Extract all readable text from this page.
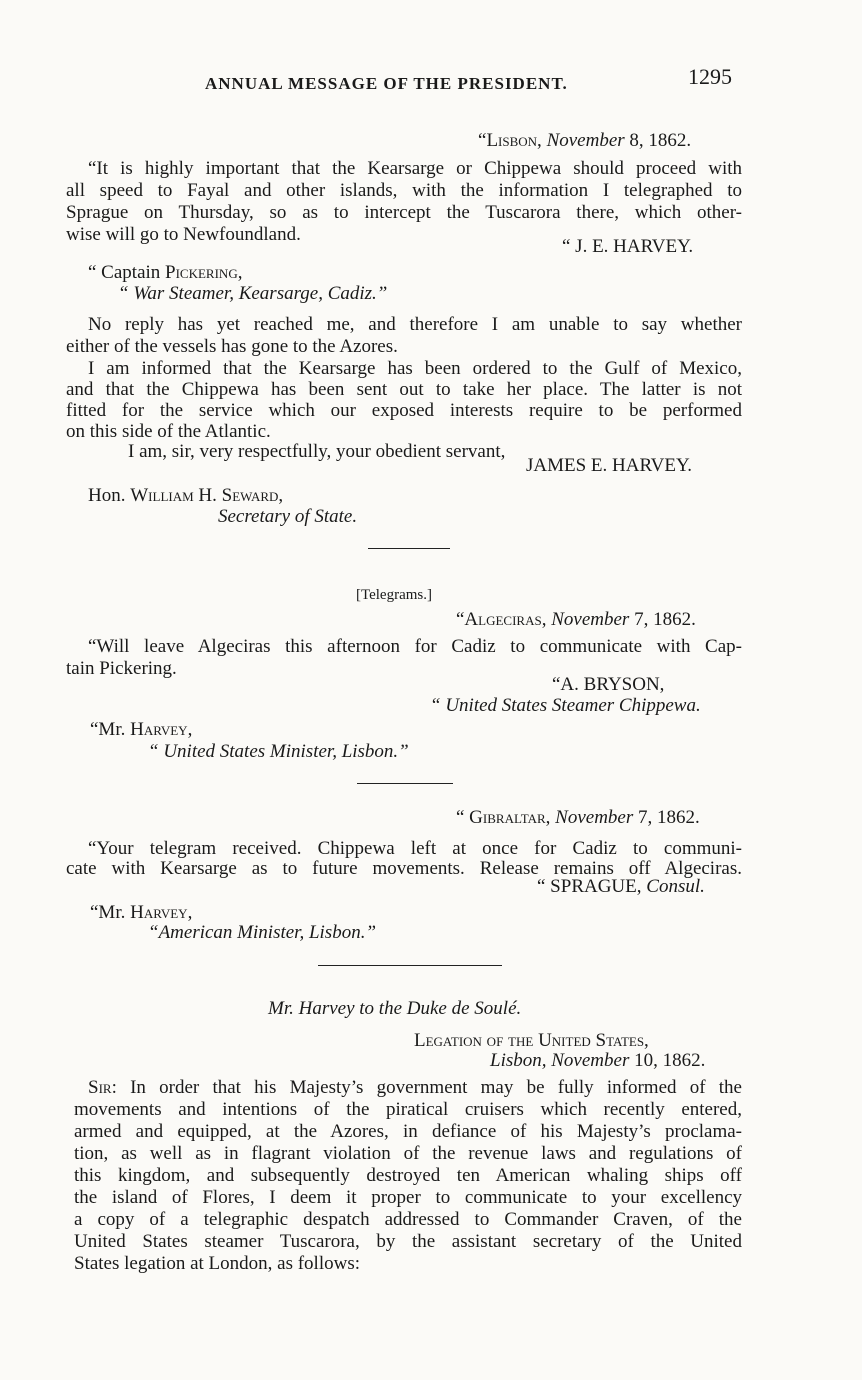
ANNUAL MESSAGE OF THE PRESIDENT.	1295
“Lisbon, November 8, 1862.
“It is highly important that the Kearsarge or Chippewa should proceed with
all speed to Fayal and other islands, with the information I telegraphed to
Sprague on Thursday, so as to intercept the Tuscarora there, which other-
wise will go to Newfoundland.
“ J. E. HARVEY.
“ Captain Pickering,
“ War Steamer, Kearsarge, Cadiz.”
No reply has yet reached me, and therefore I am unable to say whether
either of the vessels has gone to the Azores.
I am informed that the Kearsarge has been ordered to the Gulf of Mexico,
and that the Chippewa has been sent out to take her place. The latter is not
fitted for the service which our exposed interests require to be performed
on this side of the Atlantic.
I am, sir, very respectfully, your obedient servant,
JAMES E. HARVEY.
Hon. William H. Seward,
Secretary of State.
[Telegrams.]
“Algeciras, November 7, 1862.
“Will leave Algeciras this afternoon for Cadiz to communicate with Cap-
tain Pickering.
“A. BRYSON,
“ United States Steamer Chippewa.
“Mr. Harvey,
“ United States Minister, Lisbon.”
“ Gibraltar, November 7, 1862.
“Your telegram received. Chippewa left at once for Cadiz to communi-
cate with Kearsarge as to future movements. Release remains off Algeciras.
“ SPRAGUE, Consul.
“Mr. Harvey,
“American Minister, Lisbon.”
Mr. Harvey to the Duke de Soulé.
Legation of the United States,
Lisbon, November 10, 1862.
Sir: In order that his Majesty’s government may be fully informed of the
movements and intentions of the piratical cruisers which recently entered,
armed and equipped, at the Azores, in defiance of his Majesty’s proclama-
tion, as well as in flagrant violation of the revenue laws and regulations of
this kingdom, and subsequently destroyed ten American whaling ships off
the island of Flores, I deem it proper to communicate to your excellency
a copy of a telegraphic despatch addressed to Commander Craven, of the
United States steamer Tuscarora, by the assistant secretary of the United
States legation at London, as follows:
